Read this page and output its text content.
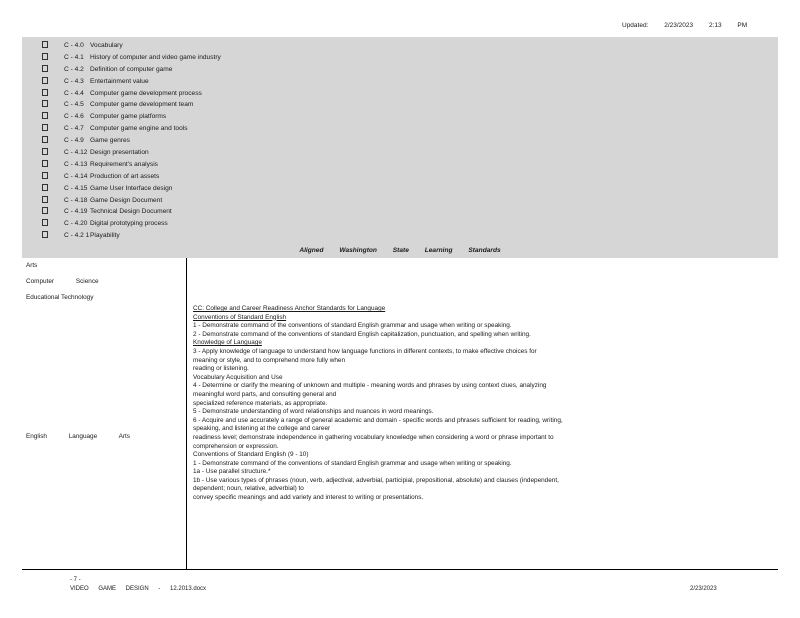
Updated: 2/23/2023 2:13 PM
C - 4.0 Vocabulary
C - 4.1 History of computer and video game industry
C - 4.2 Definition of computer game
C - 4.3 Entertainment value
C - 4.4 Computer game development process
C - 4.5 Computer game development team
C - 4.6 Computer game platforms
C - 4.7 Computer game engine and tools
C - 4.9 Game genres
C - 4.12 Design presentation
C - 4.13 Requirement's analysis
C - 4.14 Production of art assets
C - 4.15 Game User Interface design
C - 4.18 Game Design Document
C - 4.19 Technical Design Document
C - 4.20 Digital prototyping process
C - 4.2 1Playability
Aligned Washington State Learning Standards
Arts
Computer Science
Educational Technology
English Language Arts
CC: College and Career Readiness Anchor Standards for Language
Conventions of Standard English
1 - Demonstrate command of the conventions of standard English grammar and usage when writing or speaking.
2 - Demonstrate command of the conventions of standard English capitalization, punctuation, and spelling when writing.
Knowledge of Language
3 - Apply knowledge of language to understand how language functions in different contexts, to make effective choices for
meaning or style, and to comprehend more fully when
reading or listening.
Vocabulary Acquisition and Use
4 - Determine or clarify the meaning of unknown and multiple - meaning words and phrases by using context clues, analyzing
meaningful word parts, and consulting general and
specialized reference materials, as appropriate.
5 - Demonstrate understanding of word relationships and nuances in word meanings.
6 - Acquire and use accurately a range of general academic and domain - specific words and phrases sufficient for reading, writing,
speaking, and listening at the college and career
readiness level; demonstrate independence in gathering vocabulary knowledge when considering a word or phrase important to
comprehension or expression.
Conventions of Standard English (9 - 10)
1 - Demonstrate command of the conventions of standard English grammar and usage when writing or speaking.
1a - Use parallel structure.*
1b - Use various types of phrases (noun, verb, adjectival, adverbial, participial, prepositional, absolute) and clauses (independent,
dependent; noun, relative, adverbial) to
convey specific meanings and add variety and interest to writing or presentations.
- 7 -
VIDEO GAME DESIGN - 12.2013.docx	2/23/2023
